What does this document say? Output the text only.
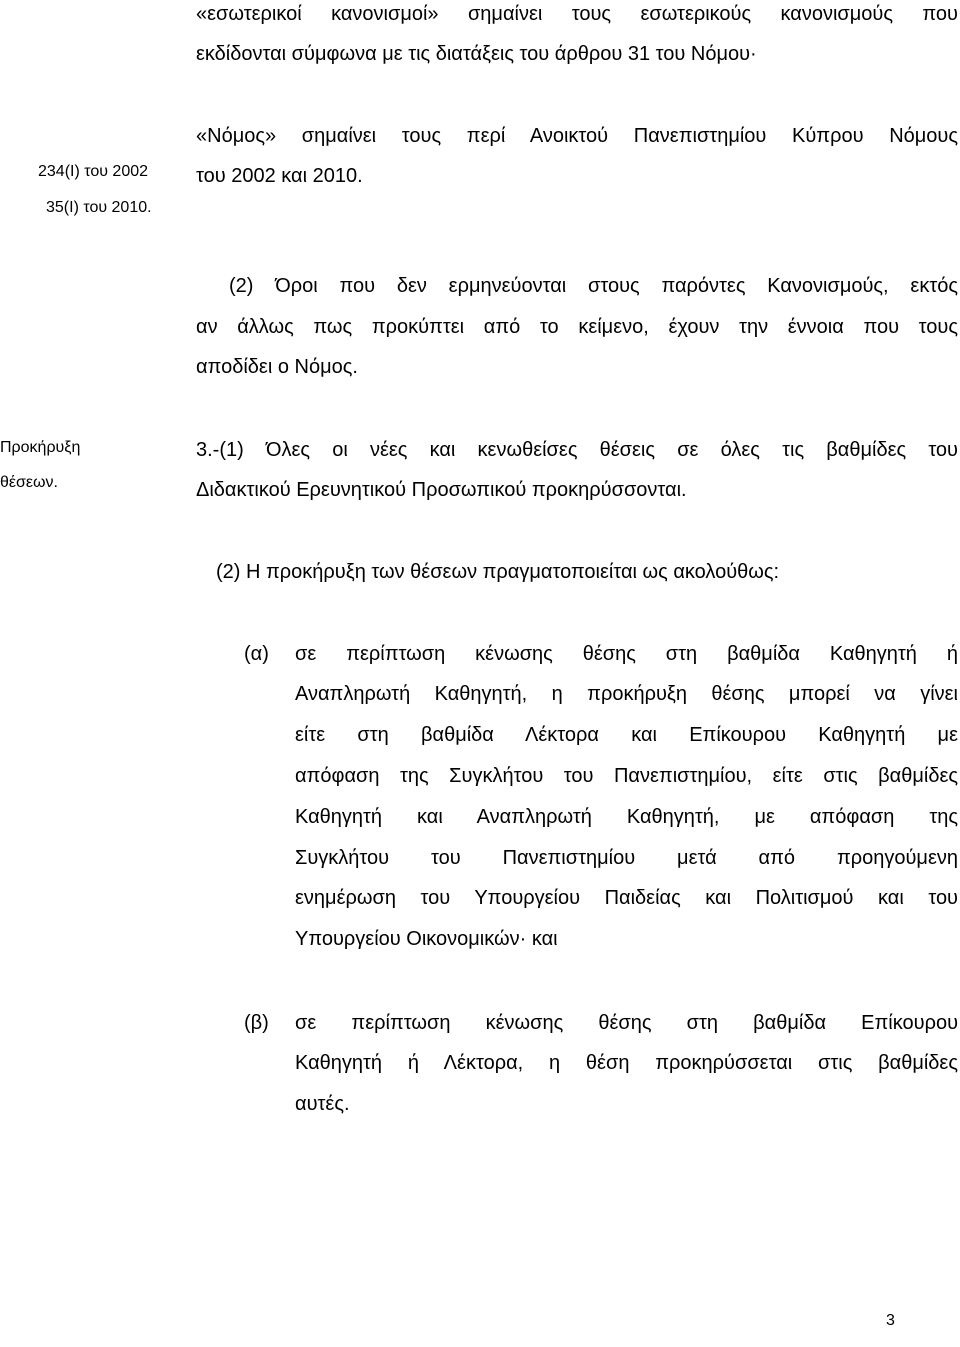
«εσωτερικοί κανονισμοί» σημαίνει τους εσωτερικούς κανονισμούς που
εκδίδονται σύμφωνα με τις διατάξεις του άρθρου 31 του Νόμου·
«Νόμος» σημαίνει τους περί Ανοικτού Πανεπιστημίου Κύπρου Νόμους
του 2002 και 2010.
234(Ι) του 2002
35(Ι) του 2010.
(2) Όροι που δεν ερμηνεύονται στους παρόντες Κανονισμούς, εκτός
αν άλλως πως προκύπτει από το κείμενο, έχουν την έννοια που τους
αποδίδει ο Νόμος.
Προκήρυξη
θέσεων.
3.-(1) Όλες οι νέες και κενωθείσες θέσεις σε όλες τις βαθμίδες του
Διδακτικού Ερευνητικού Προσωπικού προκηρύσσονται.
(2) Η προκήρυξη των θέσεων πραγματοποιείται ως ακολούθως:
(α) σε περίπτωση κένωσης θέσης στη βαθμίδα Καθηγητή ή
Αναπληρωτή Καθηγητή, η προκήρυξη θέσης μπορεί να γίνει
είτε στη βαθμίδα Λέκτορα και Επίκουρου Καθηγητή με
απόφαση της Συγκλήτου του Πανεπιστημίου, είτε στις βαθμίδες
Καθηγητή και Αναπληρωτή Καθηγητή, με απόφαση της
Συγκλήτου του Πανεπιστημίου μετά από προηγούμενη
ενημέρωση του Υπουργείου Παιδείας και Πολιτισμού και του
Υπουργείου Οικονομικών· και
(β) σε περίπτωση κένωσης θέσης στη βαθμίδα Επίκουρου
Καθηγητή ή Λέκτορα, η θέση προκηρύσσεται στις βαθμίδες
αυτές.
3
